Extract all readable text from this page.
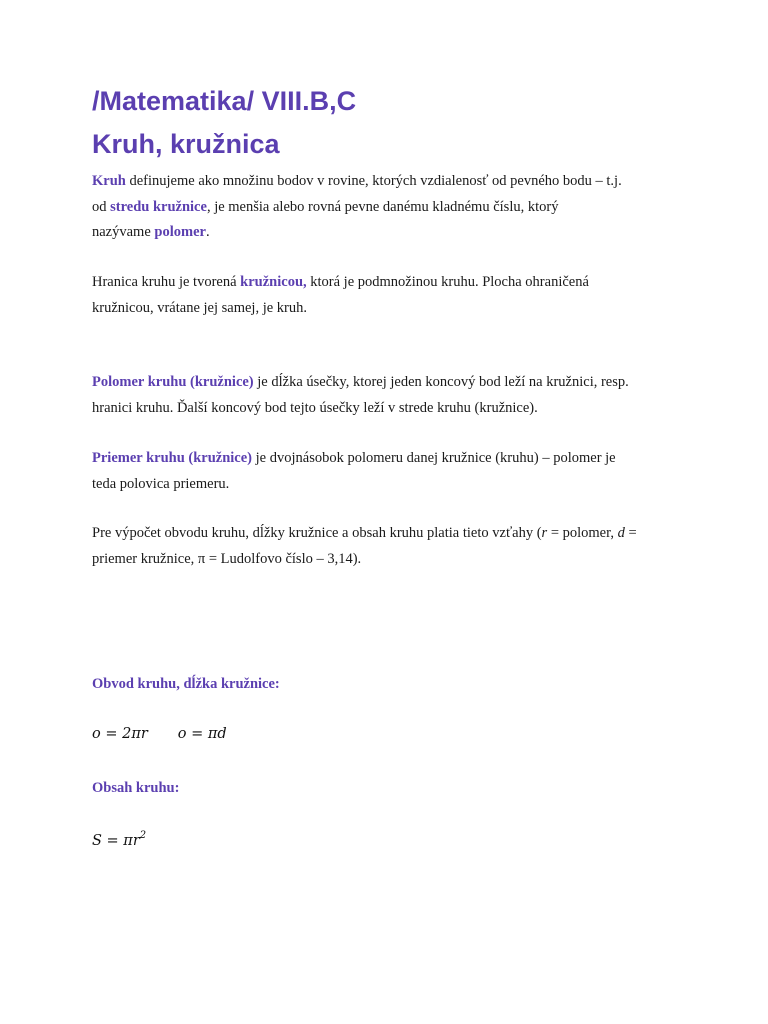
/Matematika/ VIII.B,C
Kruh, kružnica

Kruh definujeme ako množinu bodov v rovine, ktorých vzdialenosť od pevného bodu – t.j.
od stredu kružnice, je menšia alebo rovná pevne danému kladnému číslu, ktorý
nazývame polomer.

Hranica kruhu je tvorená kružnicou, ktorá je podmnožinou kruhu. Plocha ohraničená
kružnicou, vrátane jej samej, je kruh.

Polomer kruhu (kružnice) je dĺžka úsečky, ktorej jeden koncový bod leží na kružnici, resp.
hranici kruhu. Ďalší koncový bod tejto úsečky leží v strede kruhu (kružnice).

Priemer kruhu (kružnice) je dvojnásobok polomeru danej kružnice (kruhu) – polomer je
teda polovica priemeru.

Pre výpočet obvodu kruhu, dĺžky kružnice a obsah kruhu platia tieto vzťahy (r = polomer, d =
priemer kružnice, π = Ludolfovo číslo – 3,14).

Obvod kruhu, dĺžka kružnice:

o = 2πr o = πd

Obsah kruhu:

$S = \pi r^2$
